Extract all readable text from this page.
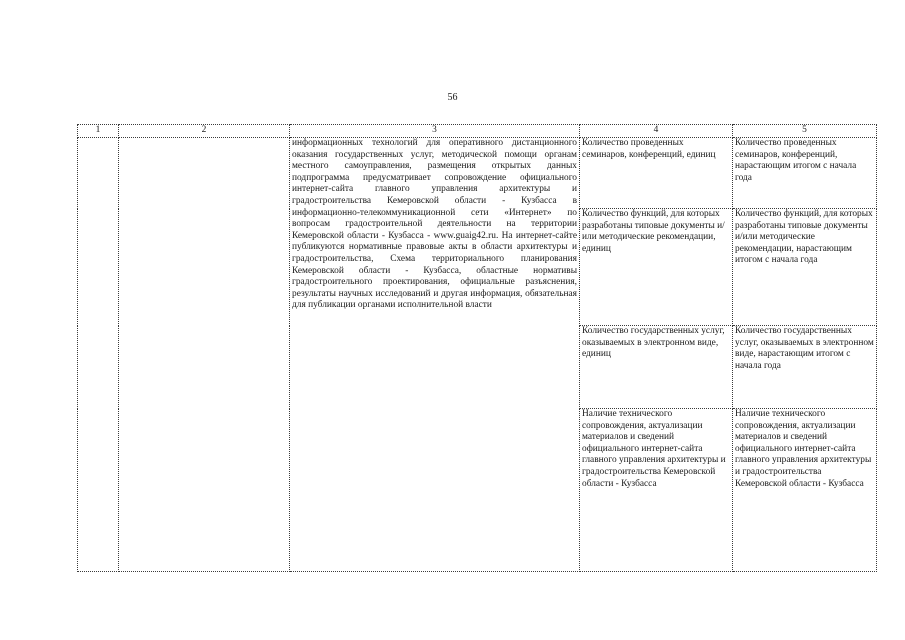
56
1	2	3	4	5
		информационных технологий для оперативного дистанционного оказания государственных услуг, методической помощи органам местного самоуправления, размещения открытых данных подпрограмма предусматривает сопровождение официального интернет-сайта главного управления архитектуры и градостроительства Кемеровской области - Кузбасса в информационно-телекоммуникационной сети «Интернет» по вопросам градостроительной деятельности на территории Кемеровской области - Кузбасса - www.guaig42.ru. На интернет-сайте публикуются нормативные правовые акты в области архитектуры и градостроительства, Схема территориального планирования Кемеровской области - Кузбасса, областные нормативы градостроительного проектирования, официальные разъяснения, результаты научных исследований и другая информация, обязательная для публикации органами исполнительной власти	Количество проведенных семинаров, конференций, единиц	Количество проведенных семинаров, конференций, нарастающим итогом с начала года
			Количество функций, для которых разработаны типовые документы и/или методические рекомендации, единиц	Количество функций, для которых разработаны типовые документы и/или методические рекомендации, нарастающим итогом с начала года
			Количество государственных услуг, оказываемых в электронном виде, единиц	Количество государственных услуг, оказываемых в электронном виде, нарастающим итогом с начала года
			Наличие технического сопровождения, актуализации материалов и сведений официального интернет-сайта главного управления архитектуры и градостроительства Кемеровской области - Кузбасса	Наличие технического сопровождения, актуализации материалов и сведений официального интернет-сайта главного управления архитектуры и градостроительства Кемеровской области - Кузбасса
